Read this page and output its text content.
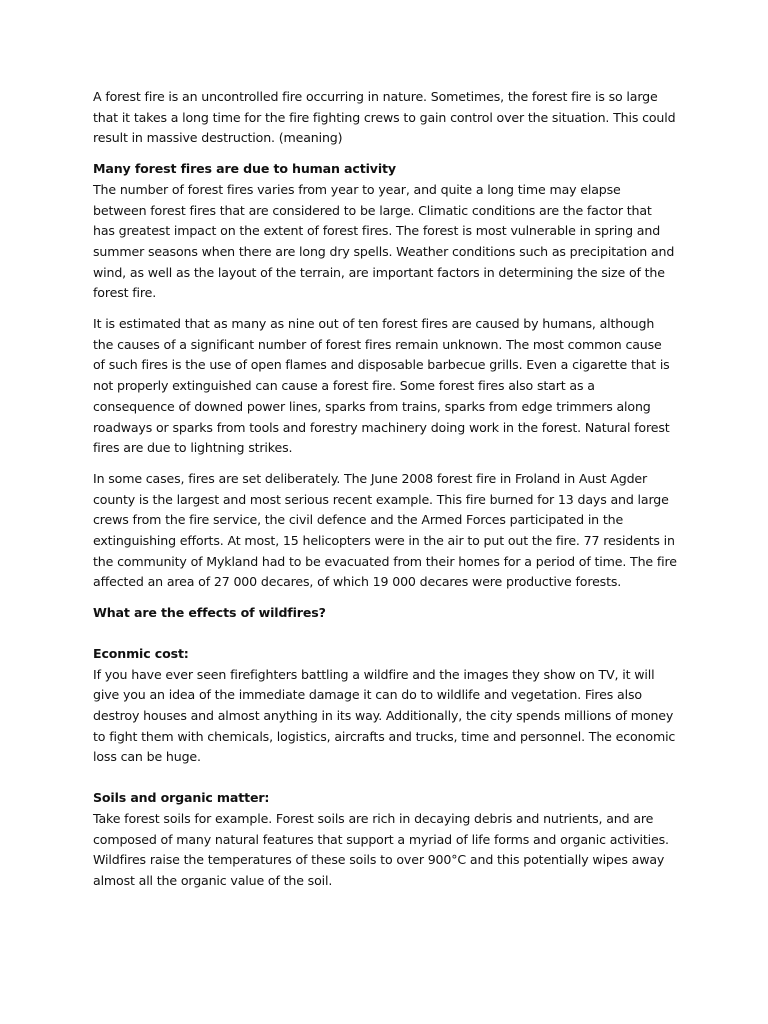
A forest fire is an uncontrolled fire occurring in nature. Sometimes, the forest fire is so large that it takes a long time for the fire fighting crews to gain control over the situation. This could result in massive destruction. (meaning)

Many forest fires are due to human activity

The number of forest fires varies from year to year, and quite a long time may elapse between forest fires that are considered to be large. Climatic conditions are the factor that has greatest impact on the extent of forest fires. The forest is most vulnerable in spring and summer seasons when there are long dry spells. Weather conditions such as precipitation and wind, as well as the layout of the terrain, are important factors in determining the size of the forest fire.

It is estimated that as many as nine out of ten forest fires are caused by humans, although the causes of a significant number of forest fires remain unknown. The most common cause of such fires is the use of open flames and disposable barbecue grills. Even a cigarette that is not properly extinguished can cause a forest fire. Some forest fires also start as a consequence of downed power lines, sparks from trains, sparks from edge trimmers along roadways or sparks from tools and forestry machinery doing work in the forest. Natural forest fires are due to lightning strikes.

In some cases, fires are set deliberately. The June 2008 forest fire in Froland in Aust Agder county is the largest and most serious recent example. This fire burned for 13 days and large crews from the fire service, the civil defence and the Armed Forces participated in the extinguishing efforts. At most, 15 helicopters were in the air to put out the fire. 77 residents in the community of Mykland had to be evacuated from their homes for a period of time. The fire affected an area of 27 000 decares, of which 19 000 decares were productive forests.

What are the effects of wildfires?

Econmic cost:

If you have ever seen firefighters battling a wildfire and the images they show on TV, it will give you an idea of the immediate damage it can do to wildlife and vegetation. Fires also destroy houses and almost anything in its way. Additionally, the city spends millions of money to fight them with chemicals, logistics, aircrafts and trucks, time and personnel. The economic loss can be huge.

Soils and organic matter:

Take forest soils for example. Forest soils are rich in decaying debris and nutrients, and are composed of many natural features that support a myriad of life forms and organic activities. Wildfires raise the temperatures of these soils to over 900°C and this potentially wipes away almost all the organic value of the soil.
